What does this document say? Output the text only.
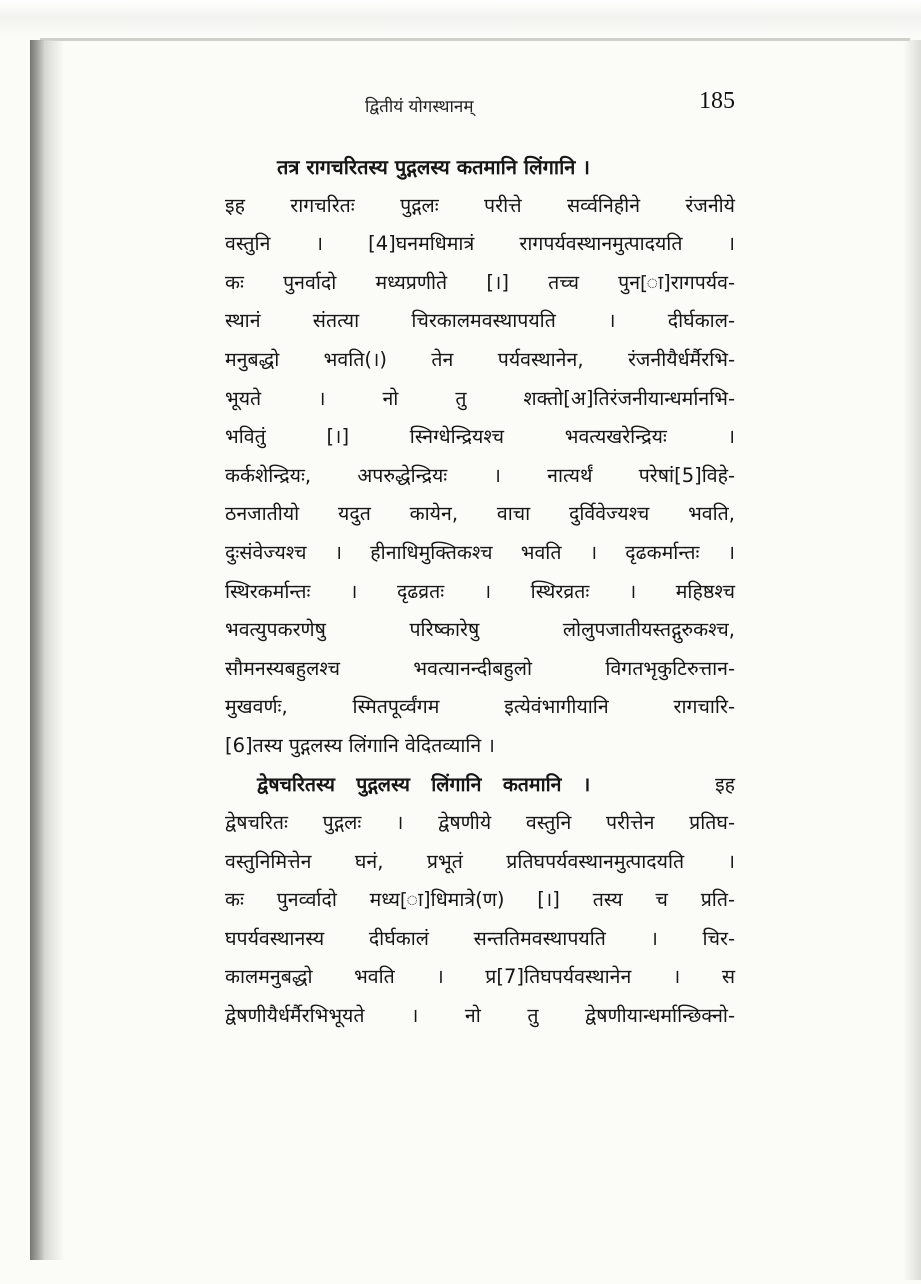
द्वितीयं योगस्थानम्	185
तत्र रागचरितस्य पुद्गलस्य कतमानि लिंगानि ।
इह रागचरितः पुद्गलः परीत्ते सर्व्वनिहीने रंजनीये
वस्तुनि । [4]घनमधिमात्रं रागपर्यवस्थानमुत्पादयति ।
कः पुनर्वादो मध्यप्रणीते [।] तच्च पुन[ा]रागपर्यव-
स्थानं संतत्या चिरकालमवस्थापयति । दीर्घकाल-
मनुबद्धो भवति(।) तेन पर्यवस्थानेन, रंजनीयैर्धर्मैरभि-
भूयते । नो तु शक्तो[अ]तिरंजनीयान्धर्मानभि-
भवितुं [।] स्निग्धेन्द्रियश्च भवत्यखरेन्द्रियः ।
कर्कशेन्द्रियः, अपरुद्धेन्द्रियः । नात्यर्थं परेषां[5]विहे-
ठनजातीयो यदुत कायेन, वाचा दुर्विवेज्यश्च भवति,
दुःसंवेज्यश्च । हीनाधिमुक्तिकश्च भवति । दृढकर्मान्तः ।
स्थिरकर्मान्तः । दृढव्रतः । स्थिरव्रतः । महिष्ठश्च
भवत्युपकरणेषु परिष्कारेषु लोलुपजातीयस्तद्गुरुकश्च,
सौमनस्यबहुलश्च भवत्यानन्दीबहुलो विगतभृकुटिरुत्तान-
मुखवर्णः, स्मितपूर्व्वंगम इत्येवंभागीयानि रागचारि-
[6]तस्य पुद्गलस्य लिंगानि वेदितव्यानि ।
द्वेषचरितस्य पुद्गलस्य लिंगानि कतमानि ।	इह
द्वेषचरितः पुद्गलः । द्वेषणीये वस्तुनि परीत्तेन प्रतिघ-
वस्तुनिमित्तेन घनं, प्रभूतं प्रतिघपर्यवस्थानमुत्पादयति ।
कः पुनर्व्वादो मध्य[ा]धिमात्रे(ण) [।] तस्य च प्रति-
घपर्यवस्थानस्य दीर्घकालं सन्ततिमवस्थापयति । चिर-
कालमनुबद्धो भवति । प्र[7]तिघपर्यवस्थानेन । स
द्वेषणीयैर्धर्मैरभिभूयते । नो तु द्वेषणीयान्धर्मान्छिक्नो-
